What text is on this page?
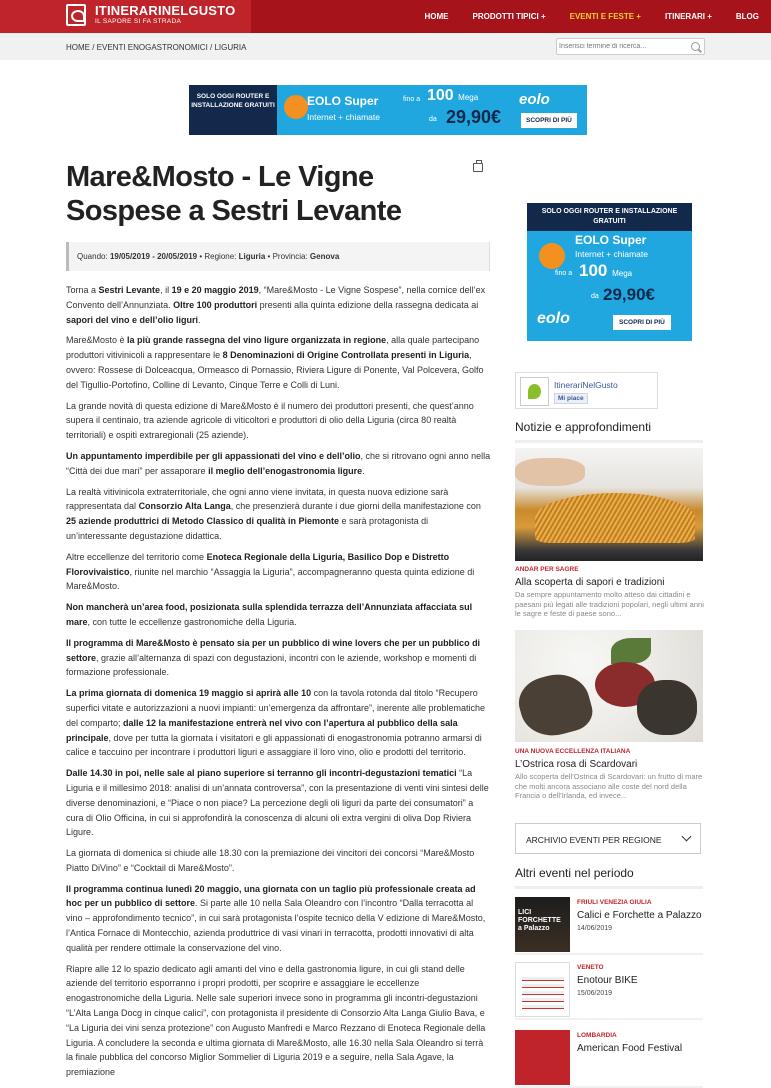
ITINERARINELGUSTO
IL SAPORE SI FA STRADA
HOME	PRODOTTI TIPICI +	EVENTI E FESTE +	ITINERARI +	BLOG
HOME / EVENTI ENOGASTRONOMICI / LIGURIA
Inserisci termine di ricerca...
SOLO OGGI ROUTER E INSTALLAZIONE GRATUITI	EOLO Super
Internet + chiamate
fino a 100 Mega
da 29,90€
eolo
SCOPRI DI PIÙ
Mare&Mosto - Le Vigne Sospese a Sestri Levante
Quando: 19/05/2019 - 20/05/2019 • Regione: Liguria • Provincia: Genova

Torna a Sestri Levante, il 19 e 20 maggio 2019, “Mare&Mosto - Le Vigne Sospese”, nella cornice dell’ex Convento dell’Annunziata. Oltre 100 produttori presenti alla quinta edizione della rassegna dedicata ai sapori del vino e dell’olio liguri.

Mare&Mosto è la più grande rassegna del vino ligure organizzata in regione, alla quale partecipano produttori vitivinicoli a rappresentare le 8 Denominazioni di Origine Controllata presenti in Liguria, ovvero: Rossese di Dolceacqua, Ormeasco di Pornassio, Riviera Ligure di Ponente, Val Polcevera, Golfo del Tigullio-Portofino, Colline di Levanto, Cinque Terre e Colli di Luni.

La grande novità di questa edizione di Mare&Mosto è il numero dei produttori presenti, che quest’anno supera il centinaio, tra aziende agricole di viticoltori e produttori di olio della Liguria (circa 80 realtà territoriali) e ospiti extraregionali (25 aziende).

Un appuntamento imperdibile per gli appassionati del vino e dell’olio, che si ritrovano ogni anno nella “Città dei due mari” per assaporare il meglio dell’enogastronomia ligure.

La realtà vitivinicola extraterritoriale, che ogni anno viene invitata, in questa nuova edizione sarà rappresentata dal Consorzio Alta Langa, che presenzierà durante i due giorni della manifestazione con 25 aziende produttrici di Metodo Classico di qualità in Piemonte e sarà protagonista di un’interessante degustazione didattica.

Altre eccellenze del territorio come Enoteca Regionale della Liguria, Basilico Dop e Distretto Florovivaistico, riunite nel marchio “Assaggia la Liguria”, accompagneranno questa quinta edizione di Mare&Mosto.

Non mancherà un’area food, posizionata sulla splendida terrazza dell’Annunziata affacciata sul mare, con tutte le eccellenze gastronomiche della Liguria.

Il programma di Mare&Mosto è pensato sia per un pubblico di wine lovers che per un pubblico di settore, grazie all’alternanza di spazi con degustazioni, incontri con le aziende, workshop e momenti di formazione professionale.

La prima giornata di domenica 19 maggio si aprirà alle 10 con la tavola rotonda dal titolo “Recupero superfici vitate e autorizzazioni a nuovi impianti: un’emergenza da affrontare”, inerente alle problematiche del comparto; dalle 12 la manifestazione entrerà nel vivo con l’apertura al pubblico della sala principale, dove per tutta la giornata i visitatori e gli appassionati di enogastronomia potranno armarsi di calice e taccuino per incontrare i produttori liguri e assaggiare il loro vino, olio e prodotti del territorio.

Dalle 14.30 in poi, nelle sale al piano superiore si terranno gli incontri-degustazioni tematici “La Liguria e il millesimo 2018: analisi di un’annata controversa”, con la presentazione di venti vini sintesi delle diverse denominazioni, e “Piace o non piace? La percezione degli oli liguri da parte dei consumatori” a cura di Olio Officina, in cui si approfondirà la conoscenza di alcuni oli extra vergini di oliva Dop Riviera Ligure.

La giornata di domenica si chiude alle 18.30 con la premiazione dei vincitori dei concorsi “Mare&Mosto Piatto DiVino” e “Cocktail di Mare&Mosto”.

Il programma continua lunedì 20 maggio, una giornata con un taglio più professionale creata ad hoc per un pubblico di settore. Si parte alle 10 nella Sala Oleandro con l’incontro “Dalla terracotta al vino – approfondimento tecnico”, in cui sarà protagonista l’ospite tecnico della V edizione di Mare&Mosto, l’Antica Fornace di Montecchio, azienda produttrice di vasi vinari in terracotta, prodotti innovativi di alta qualità per rendere ottimale la conservazione del vino.

Riapre alle 12 lo spazio dedicato agli amanti del vino e della gastronomia ligure, in cui gli stand delle aziende del territorio esporranno i propri prodotti, per scoprire e assaggiare le eccellenze enogastronomiche della Liguria. Nelle sale superiori invece sono in programma gli incontri-degustazioni “L’Alta Langa Docg in cinque calici”, con protagonista il presidente di Consorzio Alta Langa Giulio Bava, e “La Liguria dei vini senza protezione” con Augusto Manfredi e Marco Rezzano di Enoteca Regionale della Liguria. A concludere la seconda e ultima giornata di Mare&Mosto, alle 16.30 nella Sala Oleandro si terrà la finale pubblica del concorso Miglior Sommelier di Liguria 2019 e a seguire, nella Sala Agave, la premiazione

SOLO OGGI ROUTER E INSTALLAZIONE GRATUITI
EOLO Super
Internet + chiamate
fino a 100 Mega
da 29,90€
eolo	SCOPRI DI PIÙ
ItinerariNelGusto
Mi piace
Notizie e approfondimenti
ANDAR PER SAGRE
Alla scoperta di sapori e tradizioni
Da sempre appuntamento molto atteso dai cittadini e paesani più legati alle tradizioni popolari, negli ultimi anni le sagre e feste di paese sono...
UNA NUOVA ECCELLENZA ITALIANA
L’Ostrica rosa di Scardovari
Allo scoperta dell’Ostrica di Scardovari: un frutto di mare che molti ancora associano alle coste del nord della Francia o dell’Irlanda, ed invece...
ARCHIVIO EVENTI PER REGIONE
Altri eventi nel periodo
LICI FORCHETTE a Palazzo
FRIULI VENEZIA GIULIA
Calici e Forchette a Palazzo
14/06/2019
VENETO
Enotour BIKE
15/06/2019
LOMBARDIA
American Food Festival
